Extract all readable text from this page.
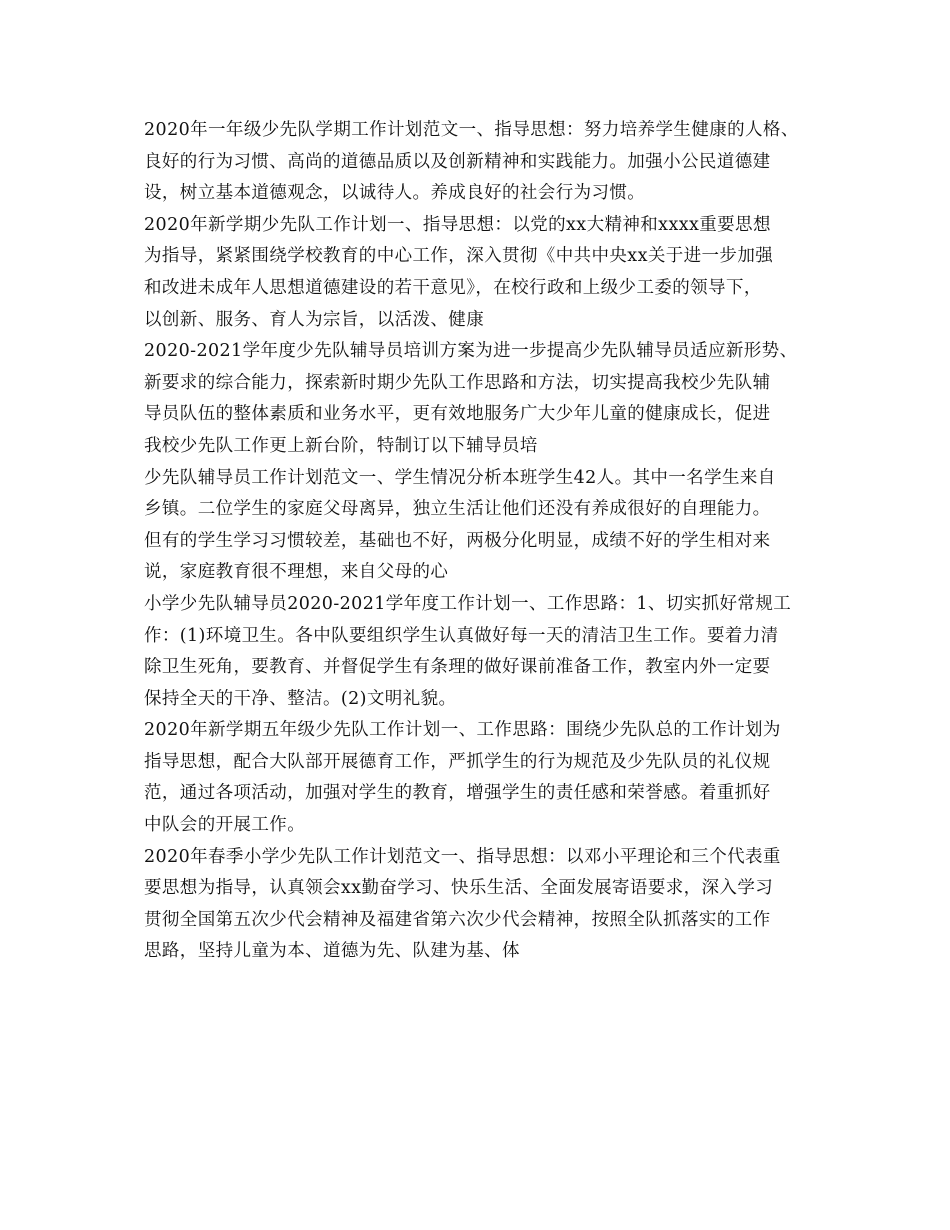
2020年一年级少先队学期工作计划范文一、指导思想：努力培养学生健康的人格、
良好的行为习惯、高尚的道德品质以及创新精神和实践能力。加强小公民道德建
设，树立基本道德观念，以诚待人。养成良好的社会行为习惯。
2020年新学期少先队工作计划一、指导思想：以党的xx大精神和xxxx重要思想
为指导，紧紧围绕学校教育的中心工作，深入贯彻《中共中央xx关于进一步加强
和改进未成年人思想道德建设的若干意见》，在校行政和上级少工委的领导下，
以创新、服务、育人为宗旨，以活泼、健康
2020-2021学年度少先队辅导员培训方案为进一步提高少先队辅导员适应新形势、
新要求的综合能力，探索新时期少先队工作思路和方法，切实提高我校少先队辅
导员队伍的整体素质和业务水平，更有效地服务广大少年儿童的健康成长，促进
我校少先队工作更上新台阶，特制订以下辅导员培
少先队辅导员工作计划范文一、学生情况分析本班学生42人。其中一名学生来自
乡镇。二位学生的家庭父母离异，独立生活让他们还没有养成很好的自理能力。
但有的学生学习习惯较差，基础也不好，两极分化明显，成绩不好的学生相对来
说，家庭教育很不理想，来自父母的心
小学少先队辅导员2020-2021学年度工作计划一、工作思路：1、切实抓好常规工
作：(1)环境卫生。各中队要组织学生认真做好每一天的清洁卫生工作。要着力清
除卫生死角，要教育、并督促学生有条理的做好课前准备工作，教室内外一定要
保持全天的干净、整洁。(2)文明礼貌。
2020年新学期五年级少先队工作计划一、工作思路：围绕少先队总的工作计划为
指导思想，配合大队部开展德育工作，严抓学生的行为规范及少先队员的礼仪规
范，通过各项活动，加强对学生的教育，增强学生的责任感和荣誉感。着重抓好
中队会的开展工作。
2020年春季小学少先队工作计划范文一、指导思想：以邓小平理论和三个代表重
要思想为指导，认真领会xx勤奋学习、快乐生活、全面发展寄语要求，深入学习
贯彻全国第五次少代会精神及福建省第六次少代会精神，按照全队抓落实的工作
思路，坚持儿童为本、道德为先、队建为基、体
